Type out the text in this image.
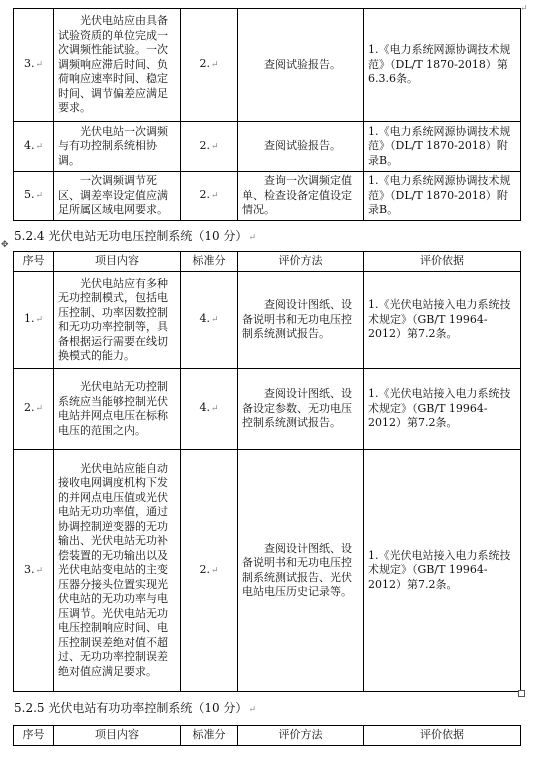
↵
3.↵	光伏电站应由具备试验资质的单位完成一次调频性能试验。一次调频响应滞后时间、负荷响应速率时间、稳定时间、调节偏差应满足要求。	2.↵	查阅试验报告。	1.《电力系统网源协调技术规范》（DL/T 1870-2018）第6.3.6条。
4.↵	光伏电站一次调频与有功控制系统相协调。	2.↵	查阅试验报告。	1.《电力系统网源协调技术规范》（DL/T 1870-2018）附录B。
5.↵	一次调频调节死区、调差率设定值应满足所属区域电网要求。	2.↵	查询一次调频定值单、检查设备定值设定情况。	1.《电力系统网源协调技术规范》（DL/T 1870-2018）附录B。
5.2.4 光伏电站无功电压控制系统（10 分）↵
✥
序号	项目内容	标准分	评价方法	评价依据
1.↵	光伏电站应有多种无功控制模式，包括电压控制、功率因数控制和无功功率控制等，具备根据运行需要在线切换模式的能力。	4.↵	查阅设计图纸、设备说明书和无功电压控制系统测试报告。	1.《光伏电站接入电力系统技术规定》（GB/T 19964-2012）第7.2条。
2.↵	光伏电站无功控制系统应当能够控制光伏电站并网点电压在标称电压的范围之内。	4.↵	查阅设计图纸、设备设定参数、无功电压控制系统测试报告。	1.《光伏电站接入电力系统技术规定》（GB/T 19964-2012）第7.2条。
3.↵	光伏电站应能自动接收电网调度机构下发的并网点电压值或光伏电站无功功率值，通过协调控制逆变器的无功输出、光伏电站无功补偿装置的无功输出以及光伏电站变电站的主变压器分接头位置实现光伏电站的无功功率与电压调节。光伏电站无功电压控制响应时间、电压控制误差绝对值不超过、无功功率控制误差绝对值应满足要求。	2.↵	查阅设计图纸、设备说明书和无功电压控制系统测试报告、光伏电站电压历史记录等。	1.《光伏电站接入电力系统技术规定》（GB/T 19964-2012）第7.2条。
5.2.5 光伏电站有功功率控制系统（10 分）↵
序号	项目内容	标准分	评价方法	评价依据
